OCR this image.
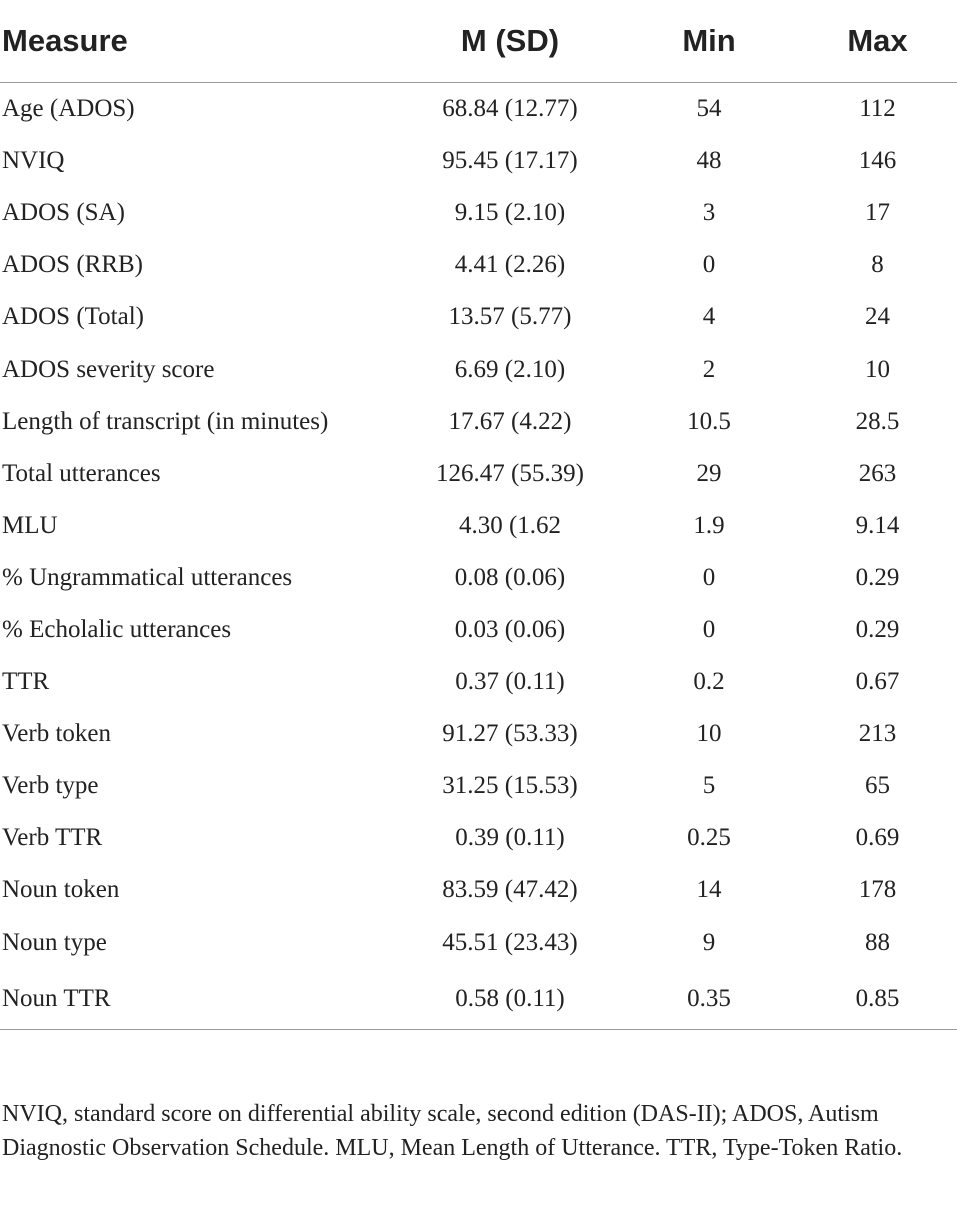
Measure	M (SD)	Min	Max
Age (ADOS)	68.84 (12.77)	54	112
NVIQ	95.45 (17.17)	48	146
ADOS (SA)	9.15 (2.10)	3	17
ADOS (RRB)	4.41 (2.26)	0	8
ADOS (Total)	13.57 (5.77)	4	24
ADOS severity score	6.69 (2.10)	2	10
Length of transcript (in minutes)	17.67 (4.22)	10.5	28.5
Total utterances	126.47 (55.39)	29	263
MLU	4.30 (1.62	1.9	9.14
% Ungrammatical utterances	0.08 (0.06)	0	0.29
% Echolalic utterances	0.03 (0.06)	0	0.29
TTR	0.37 (0.11)	0.2	0.67
Verb token	91.27 (53.33)	10	213
Verb type	31.25 (15.53)	5	65
Verb TTR	0.39 (0.11)	0.25	0.69
Noun token	83.59 (47.42)	14	178
Noun type	45.51 (23.43)	9	88
Noun TTR	0.58 (0.11)	0.35	0.85
NVIQ, standard score on differential ability scale, second edition (DAS-II); ADOS, Autism Diagnostic Observation Schedule. MLU, Mean Length of Utterance. TTR, Type-Token Ratio.
